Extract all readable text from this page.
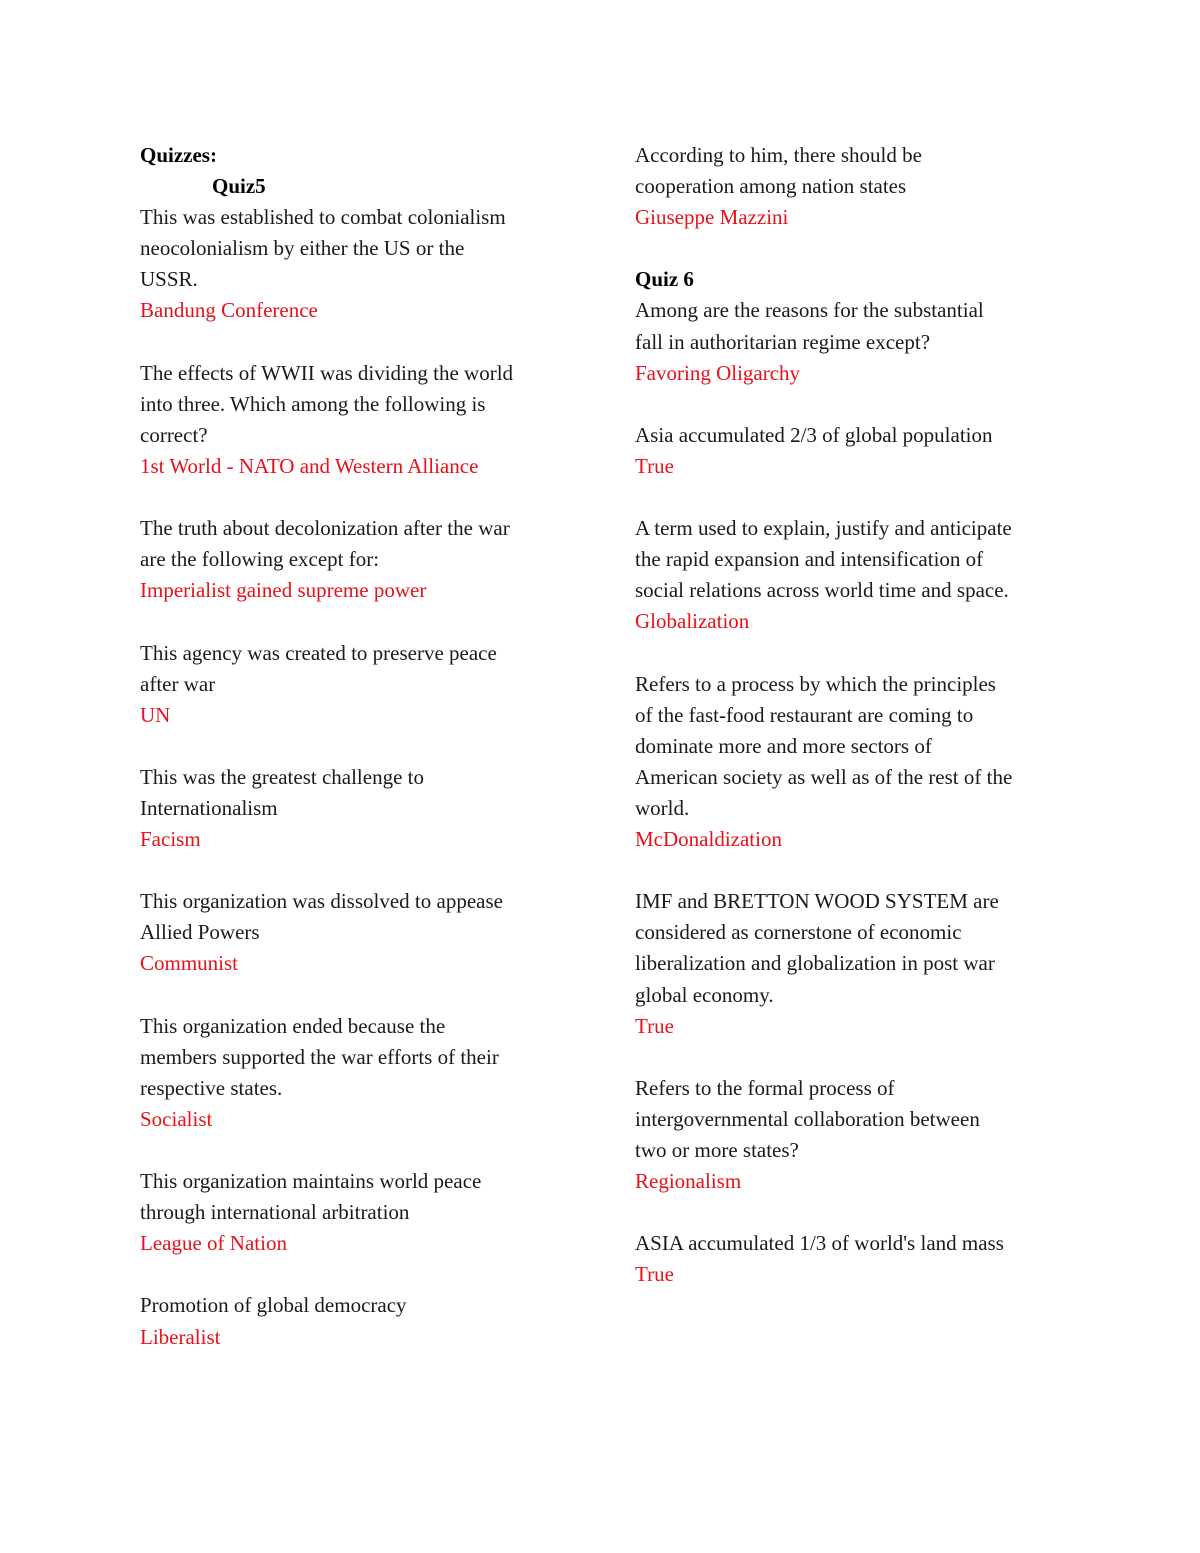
Quizzes:
Quiz5
This was established to combat colonialism
neocolonialism by either the US or the
USSR.
Bandung Conference
The effects of WWII was dividing the world
into three. Which among the following is
correct?
1st World - NATO and Western Alliance
The truth about decolonization after the war
are the following except for:
Imperialist gained supreme power
This agency was created to preserve peace
after war
UN
This was the greatest challenge to
Internationalism
Facism
This organization was dissolved to appease
Allied Powers
Communist
This organization ended because the
members supported the war efforts of their
respective states.
Socialist
This organization maintains world peace
through international arbitration
League of Nation
Promotion of global democracy
Liberalist
According to him, there should be
cooperation among nation states
Giuseppe Mazzini
Quiz 6
Among are the reasons for the substantial
fall in authoritarian regime except?
Favoring Oligarchy
Asia accumulated 2/3 of global population
True
A term used to explain, justify and anticipate
the rapid expansion and intensification of
social relations across world time and space.
Globalization
Refers to a process by which the principles
of the fast-food restaurant are coming to
dominate more and more sectors of
American society as well as of the rest of the
world.
McDonaldization
IMF and BRETTON WOOD SYSTEM are
considered as cornerstone of economic
liberalization and globalization in post war
global economy.
True
Refers to the formal process of
intergovernmental collaboration between
two or more states?
Regionalism
ASIA accumulated 1/3 of world's land mass
True
